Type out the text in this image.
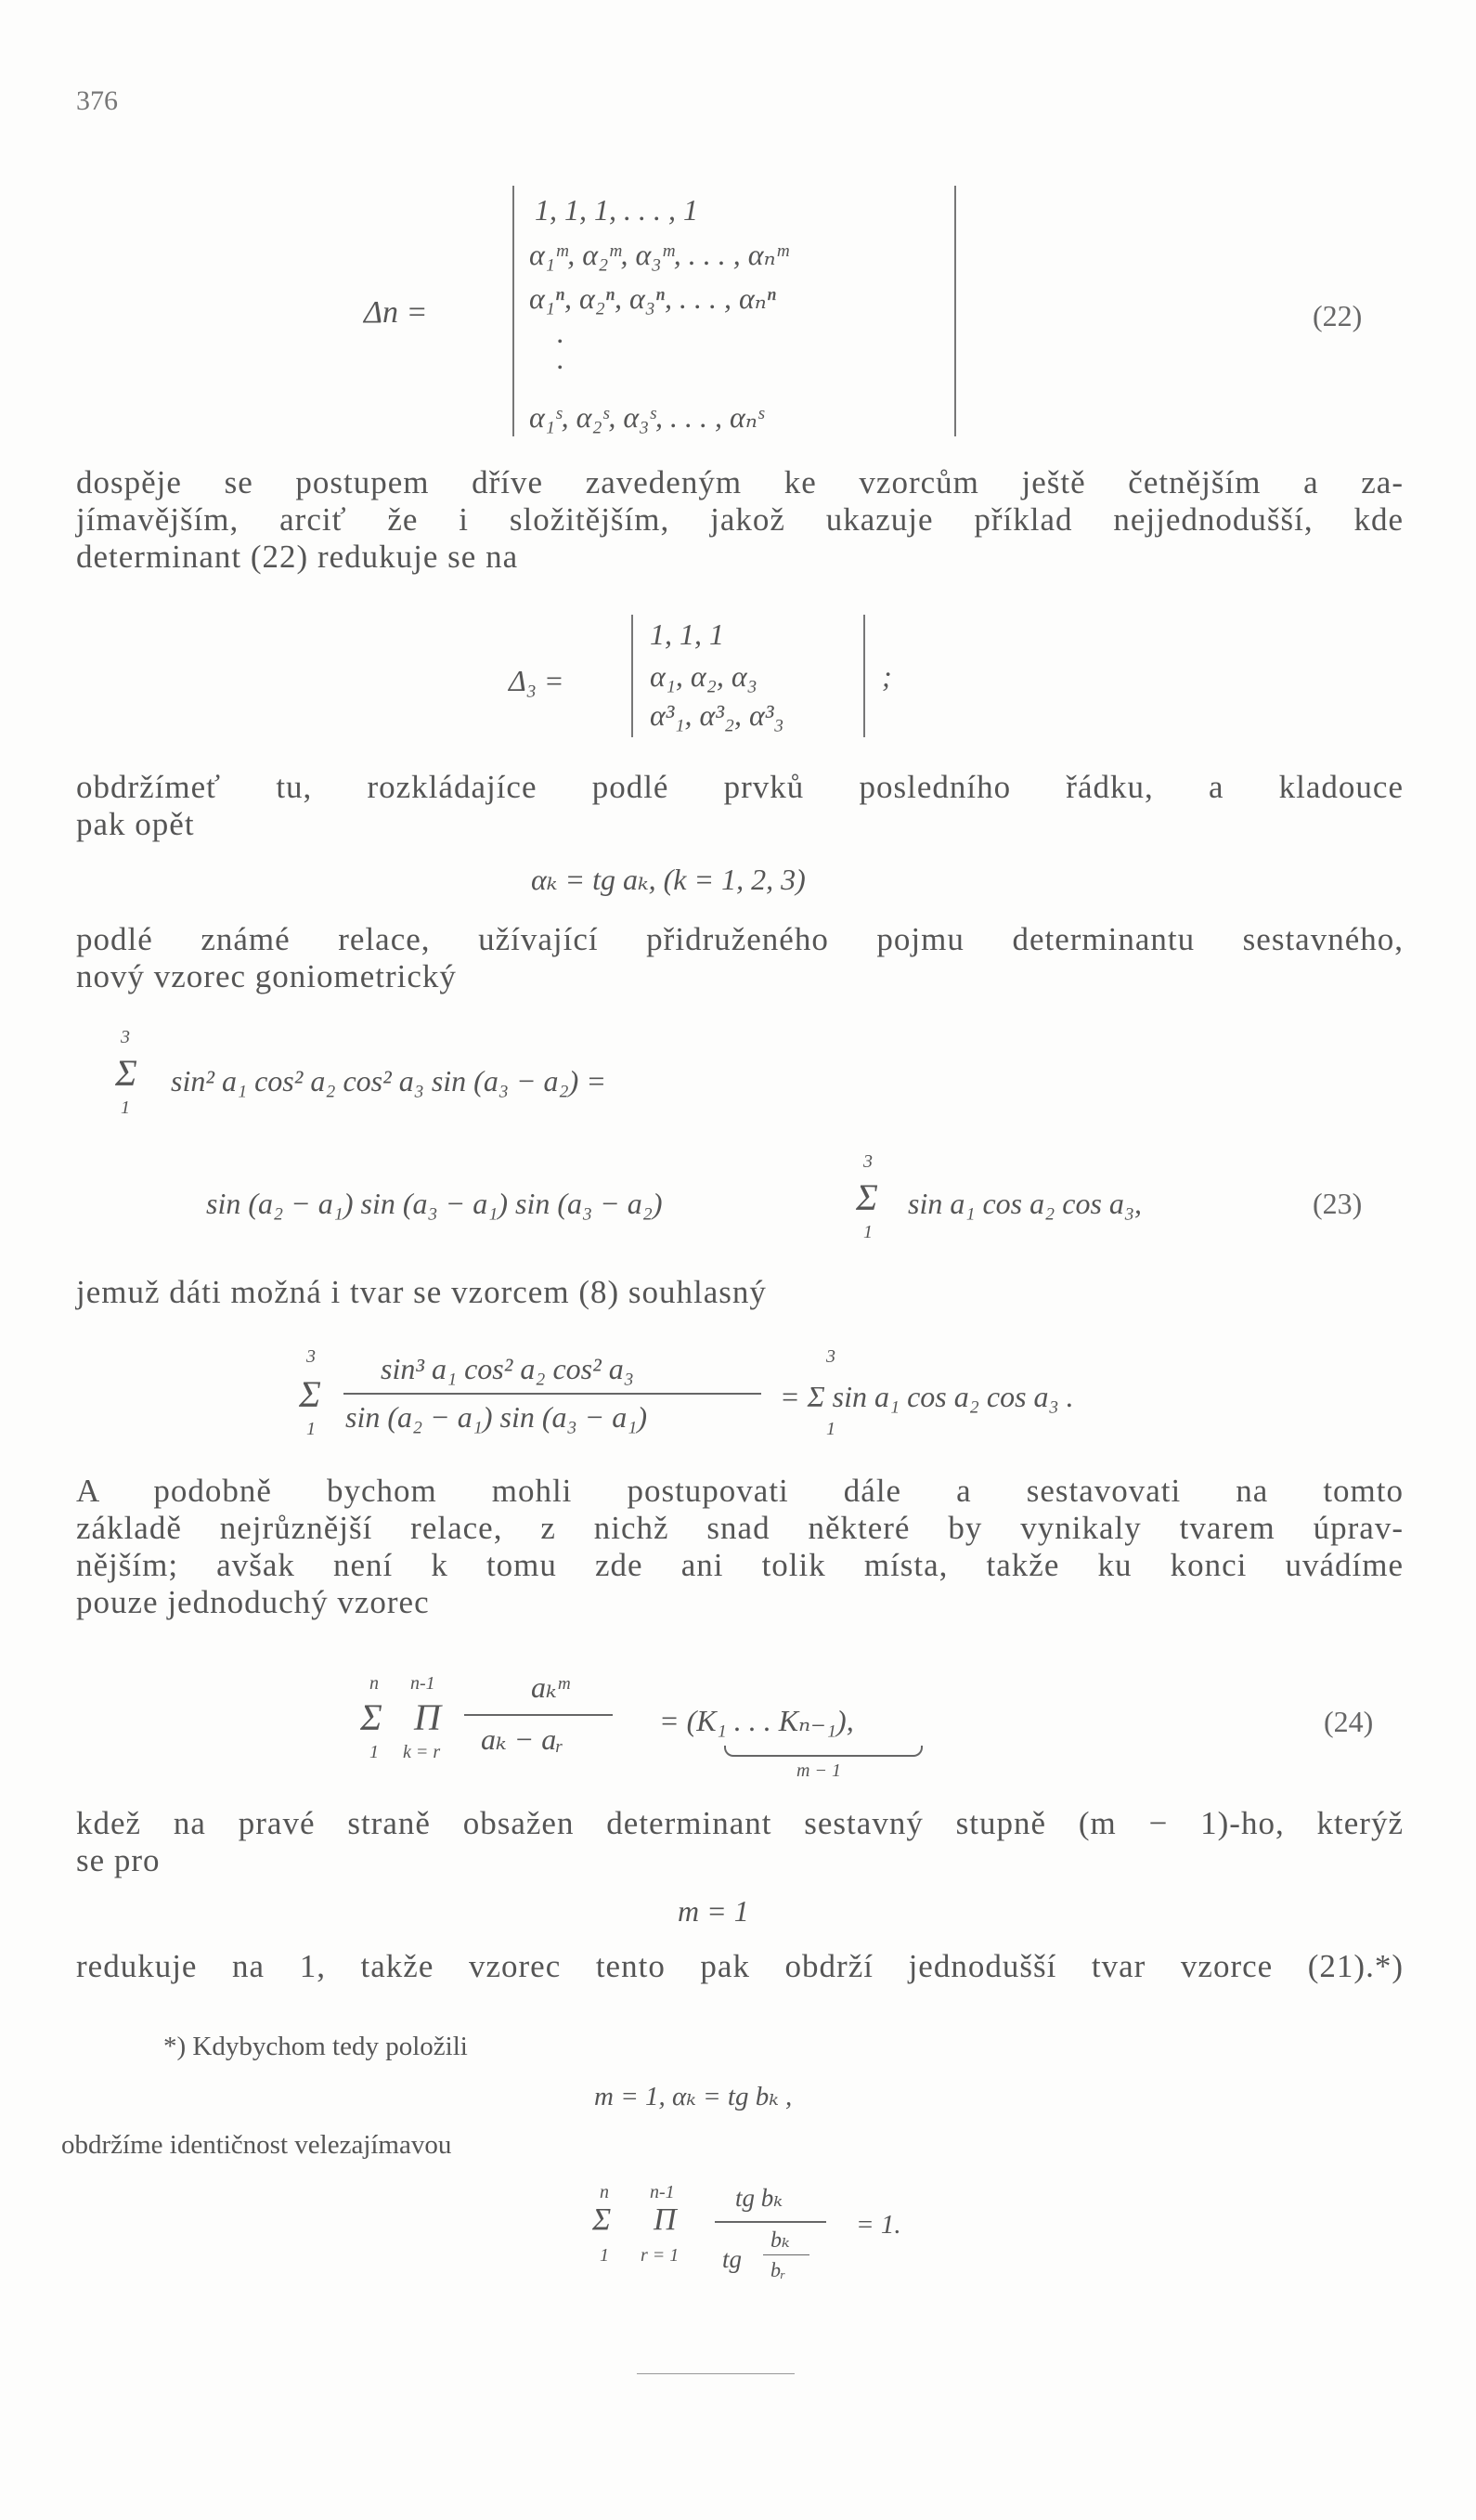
376
Δn =
1, 1, 1, . . . , 1
α₁ᵐ, α₂ᵐ, α₃ᵐ, . . . , αₙᵐ
α₁ⁿ, α₂ⁿ, α₃ⁿ, . . . , αₙⁿ
.
.
α₁ˢ, α₂ˢ, α₃ˢ, . . . , αₙˢ
(22)
dospěje se postupem dříve zavedeným ke vzorcům ještě četnějším a za-
jímavějším, arciť že i složitějším, jakož ukazuje příklad nejjednodušší, kde
determinant (22) redukuje se na
Δ₃ =
1, 1, 1
α₁, α₂, α₃
α³₁, α³₂, α³₃
;
obdržímeť tu, rozkládajíce podlé prvků posledního řádku, a kladouce
pak opět
αₖ = tg aₖ, (k = 1, 2, 3)
podlé známé relace, užívající přidruženého pojmu determinantu sestavného,
nový vzorec goniometrický
3
Σ
1
sin² a₁ cos² a₂ cos² a₃ sin (a₃ − a₂) =
sin (a₂ − a₁) sin (a₃ − a₁) sin (a₃ − a₂)
3
Σ
1
sin a₁ cos a₂ cos a₃,	(23)
jemuž dáti možná i tvar se vzorcem (8) souhlasný
3
Σ
1
sin³ a₁ cos² a₂ cos² a₃
sin (a₂ − a₁) sin (a₃ − a₁)
3
1
= Σ sin a₁ cos a₂ cos a₃ .
A podobně bychom mohli postupovati dále a sestavovati na tomto
základě nejrůznější relace, z nichž snad některé by vynikaly tvarem úprav-
nějším; avšak není k tomu zde ani tolik místa, takže ku konci uvádíme
pouze jednoduchý vzorec
n
Σ
1
n-1
Π
k = r
aₖᵐ
aₖ − aᵣ
= (K₁ . . . Kₙ₋₁),
m − 1
(24)
kdež na pravé straně obsažen determinant sestavný stupně (m − 1)-ho, kterýž
se pro
m = 1
redukuje na 1, takže vzorec tento pak obdrží jednodušší tvar vzorce (21).*)
*) Kdybychom tedy položili
m = 1, αₖ = tg bₖ ,
obdržíme identičnost velezajímavou
n
Σ
1
n-1
Π
r = 1
tg bₖ
tg
bₖ
bᵣ
= 1.
